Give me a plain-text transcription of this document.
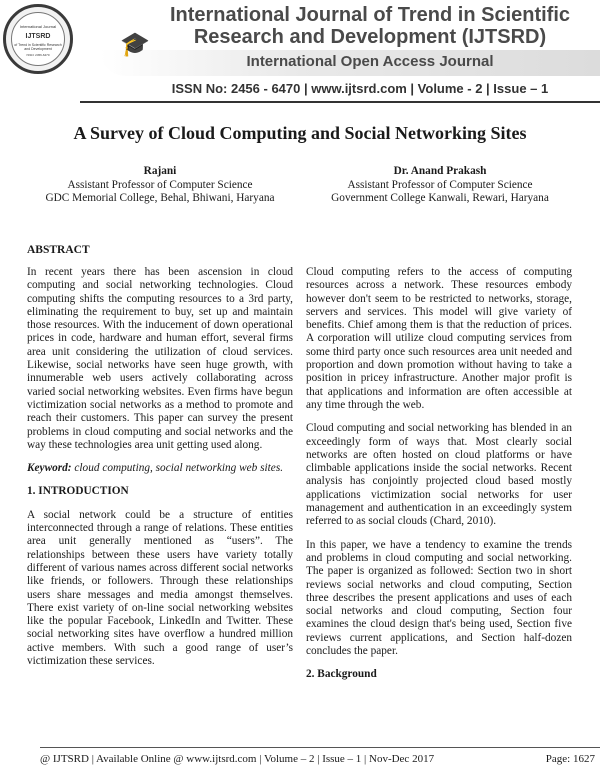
International Journal
IJTSRD
of Trend in Scientific Research and Development
ISSN: 2456-6470	🎓
International Journal of Trend in Scientific
Research and Development (IJTSRD)
International Open Access Journal
ISSN No: 2456 - 6470 | www.ijtsrd.com | Volume - 2 | Issue – 1
A Survey of Cloud Computing and Social Networking Sites
Rajani
Assistant Professor of Computer Science
GDC Memorial College, Behal, Bhiwani, Haryana
Dr. Anand Prakash
Assistant Professor of Computer Science
Government College Kanwali, Rewari, Haryana
ABSTRACT

In recent years there has been ascension in cloud computing and social networking technologies. Cloud computing shifts the computing resources to a 3rd party, eliminating the requirement to buy, set up and maintain those resources. With the inducement of down operational prices in code, hardware and human effort, several firms area unit considering the utilization of cloud services. Likewise, social networks have seen huge growth, with innumerable web users actively collaborating across varied social networking websites. Even firms have begun victimization social networks as a method to promote and reach their customers. This paper can survey the present problems in cloud computing and social networks and the way these technologies area unit getting used along.

Keyword: cloud computing, social networking web sites.

1. INTRODUCTION

A social network could be a structure of entities interconnected through a range of relations. These entities area unit generally mentioned as “users”. The relationships between these users have variety totally different of various names across different social networks like friends, or followers. Through these relationships users share messages and media amongst themselves. There exist variety of on-line social networking websites like the popular Facebook, LinkedIn and Twitter. These social networking sites have overflow a hundred million active members. With such a good range of user’s victimization these services.

Cloud computing refers to the access of computing resources across a network. These resources embody however don't seem to be restricted to networks, storage, servers and services. This model will give variety of benefits. Chief among them is that the reduction of prices. A corporation will utilize cloud computing services from some third party once such resources area unit needed and proportion and down promotion without having to take a position in pricey infrastructure. Another major profit is that applications and information are often accessible at any time through the web.

Cloud computing and social networking has blended in an exceedingly form of ways that. Most clearly social networks are often hosted on cloud platforms or have climbable applications inside the social networks. Recent analysis has conjointly projected cloud based mostly applications victimization social networks for user management and authentication in an exceedingly system referred to as social clouds (Chard, 2010).

In this paper, we have a tendency to examine the trends and problems in cloud computing and social networking. The paper is organized as followed: Section two in short reviews social networks and cloud computing, Section three describes the present applications and uses of each social networks and cloud computing, Section four examines the cloud design that's being used, Section five reviews current applications, and Section half-dozen concludes the paper.

2. Background
@ IJTSRD | Available Online @ www.ijtsrd.com | Volume – 2 | Issue – 1 | Nov-Dec 2017	Page: 1627
